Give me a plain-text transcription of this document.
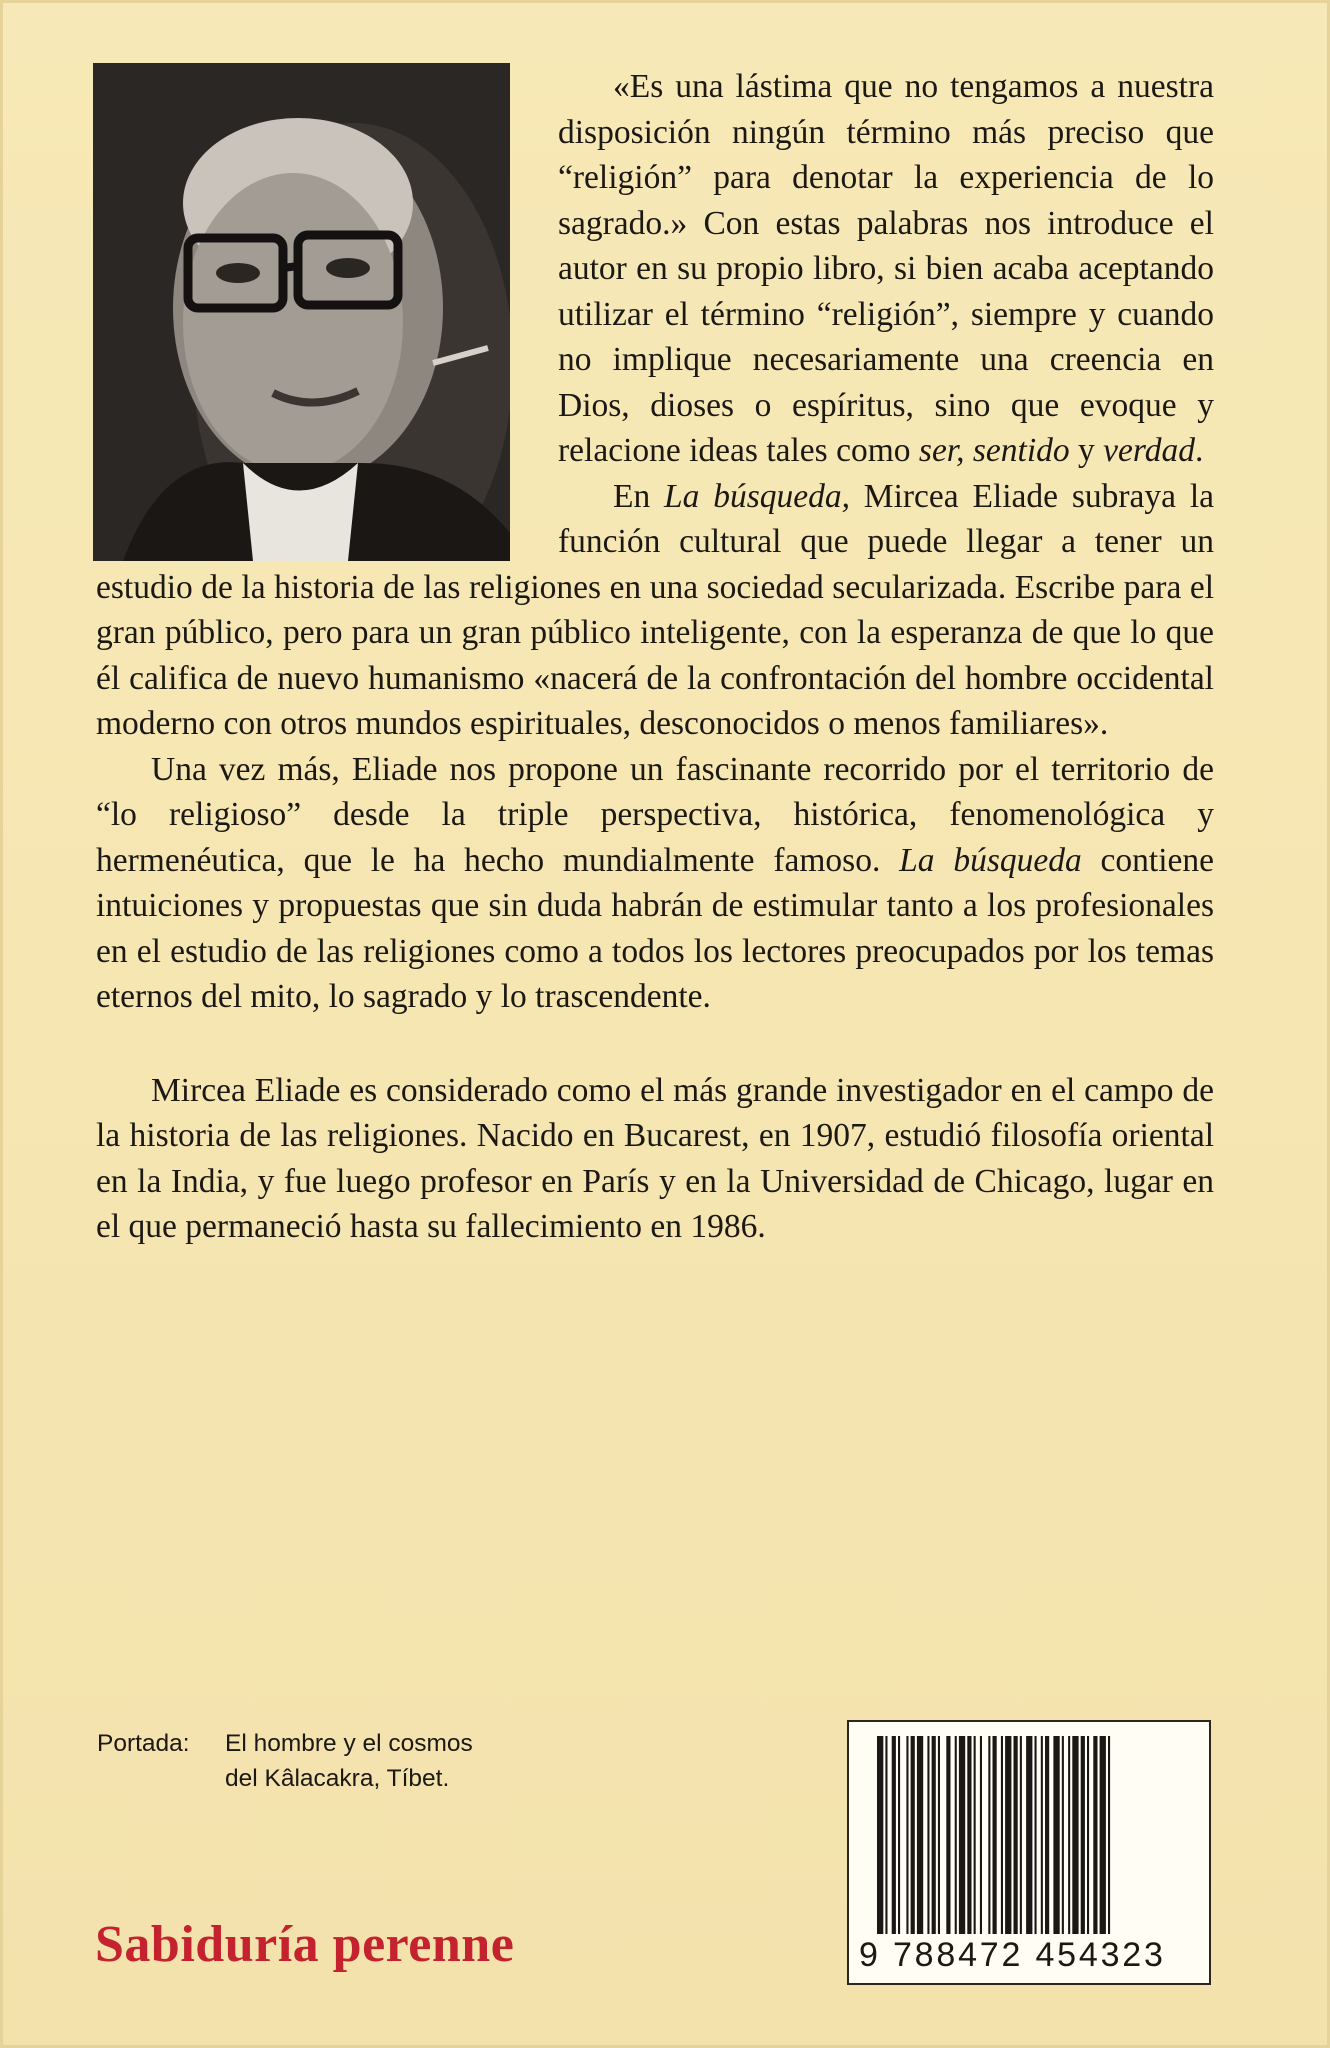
«Es una lástima que no tengamos a nuestra disposición ningún término más preciso que “religión” para denotar la experiencia de lo sagrado.» Con estas palabras nos introduce el autor en su propio libro, si bien acaba aceptando utilizar el término “religión”, siempre y cuando no implique necesariamente una creencia en Dios, dioses o espíritus, sino que evoque y relacione ideas tales como ser, sentido y verdad.

En La búsqueda, Mircea Eliade subraya la función cultural que puede llegar a tener un estudio de la historia de las religiones en una sociedad secularizada. Escribe para el gran público, pero para un gran público inteligente, con la esperanza de que lo que él califica de nuevo humanismo «nacerá de la confrontación del hombre occidental moderno con otros mundos espirituales, desconocidos o menos familiares».

Una vez más, Eliade nos propone un fascinante recorrido por el territorio de “lo religioso” desde la triple perspectiva, histórica, fenomenológica y hermenéutica, que le ha hecho mundialmente famoso. La búsqueda contiene intuiciones y propuestas que sin duda habrán de estimular tanto a los profesionales en el estudio de las religiones como a todos los lectores preocupados por los temas eternos del mito, lo sagrado y lo trascendente.

Mircea Eliade es considerado como el más grande investigador en el campo de la historia de las religiones. Nacido en Bucarest, en 1907, estudió filosofía oriental en la India, y fue luego profesor en París y en la Universidad de Chicago, lugar en el que permaneció hasta su fallecimiento en 1986.

Portada:	El hombre y el cosmos
del Kâlacakra, Tíbet.
Sabiduría perenne	9 788472 454323
